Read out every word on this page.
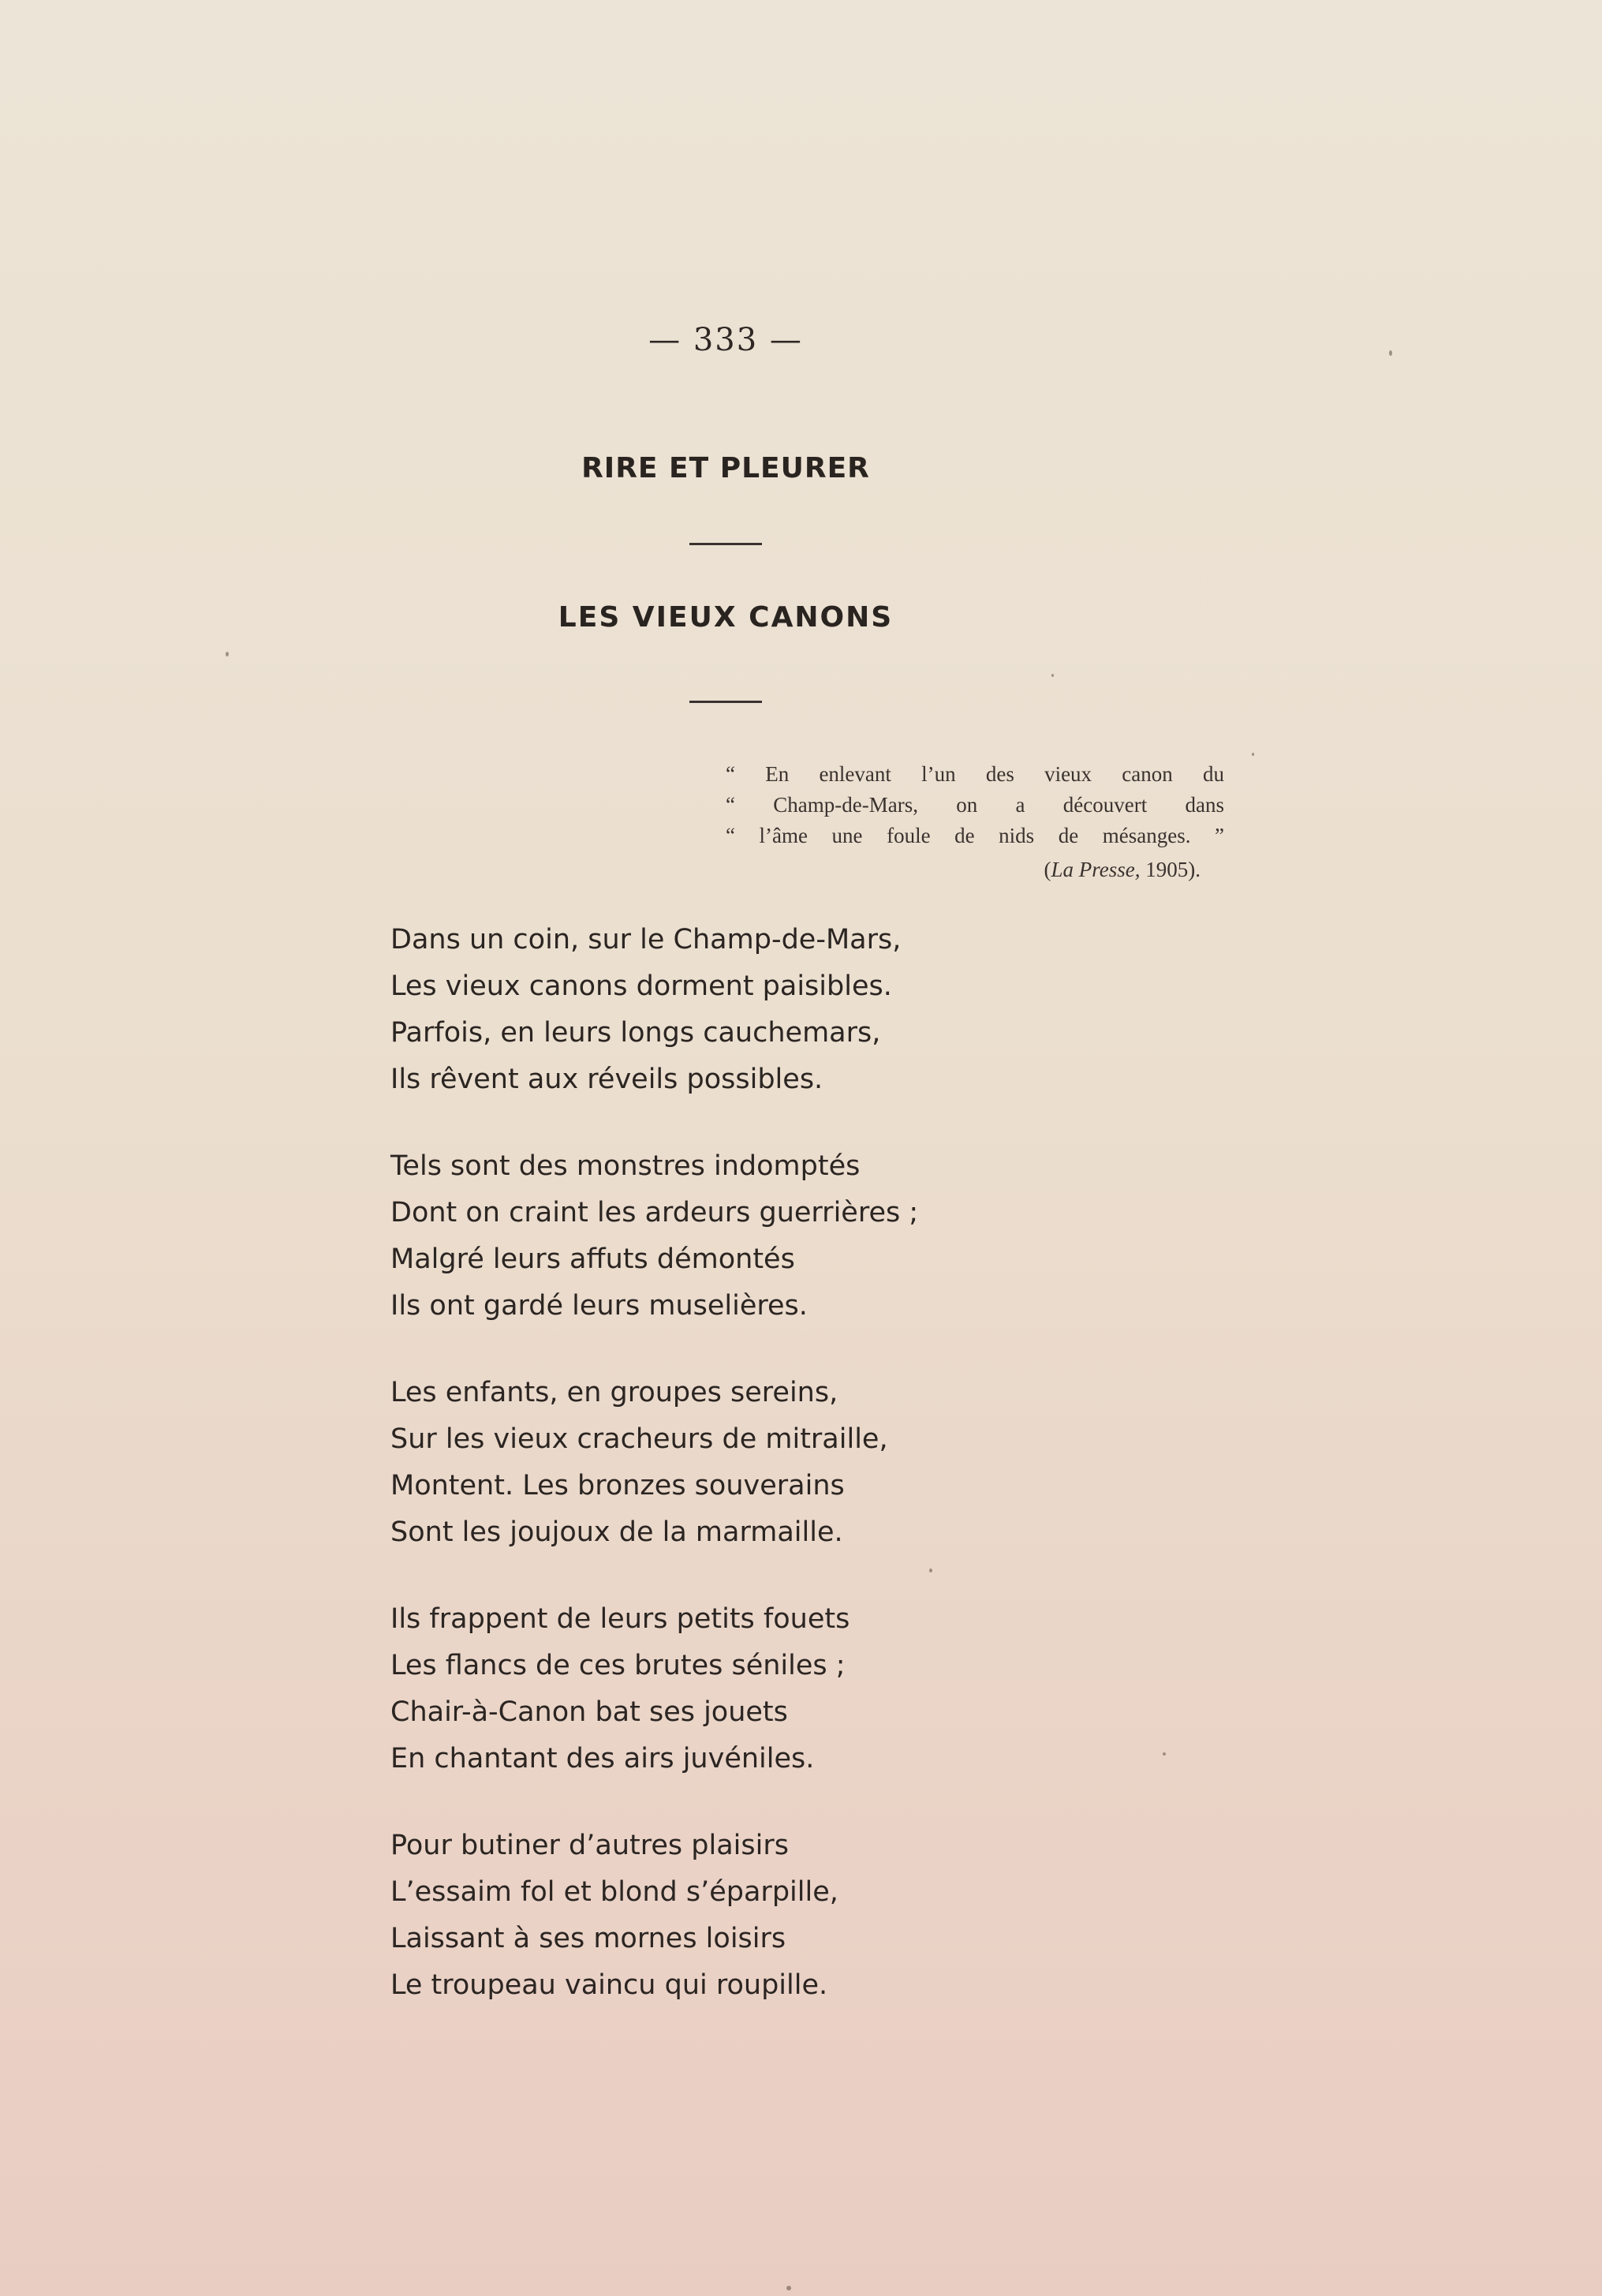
— 333 —
RIRE ET PLEURER
LES VIEUX CANONS
“ En enlevant l’un des vieux canon du
“ Champ-de-Mars, on a découvert dans
“ l’âme une foule de nids de mésanges. ”
(La Presse, 1905).
Dans un coin, sur le Champ-de-Mars,
Les vieux canons dorment paisibles.
Parfois, en leurs longs cauchemars,
Ils rêvent aux réveils possibles.
Tels sont des monstres indomptés
Dont on craint les ardeurs guerrières ;
Malgré leurs affuts démontés
Ils ont gardé leurs muselières.
Les enfants, en groupes sereins,
Sur les vieux cracheurs de mitraille,
Montent. Les bronzes souverains
Sont les joujoux de la marmaille.
Ils frappent de leurs petits fouets
Les flancs de ces brutes séniles ;
Chair-à-Canon bat ses jouets
En chantant des airs juvéniles.
Pour butiner d’autres plaisirs
L’essaim fol et blond s’éparpille,
Laissant à ses mornes loisirs
Le troupeau vaincu qui roupille.
